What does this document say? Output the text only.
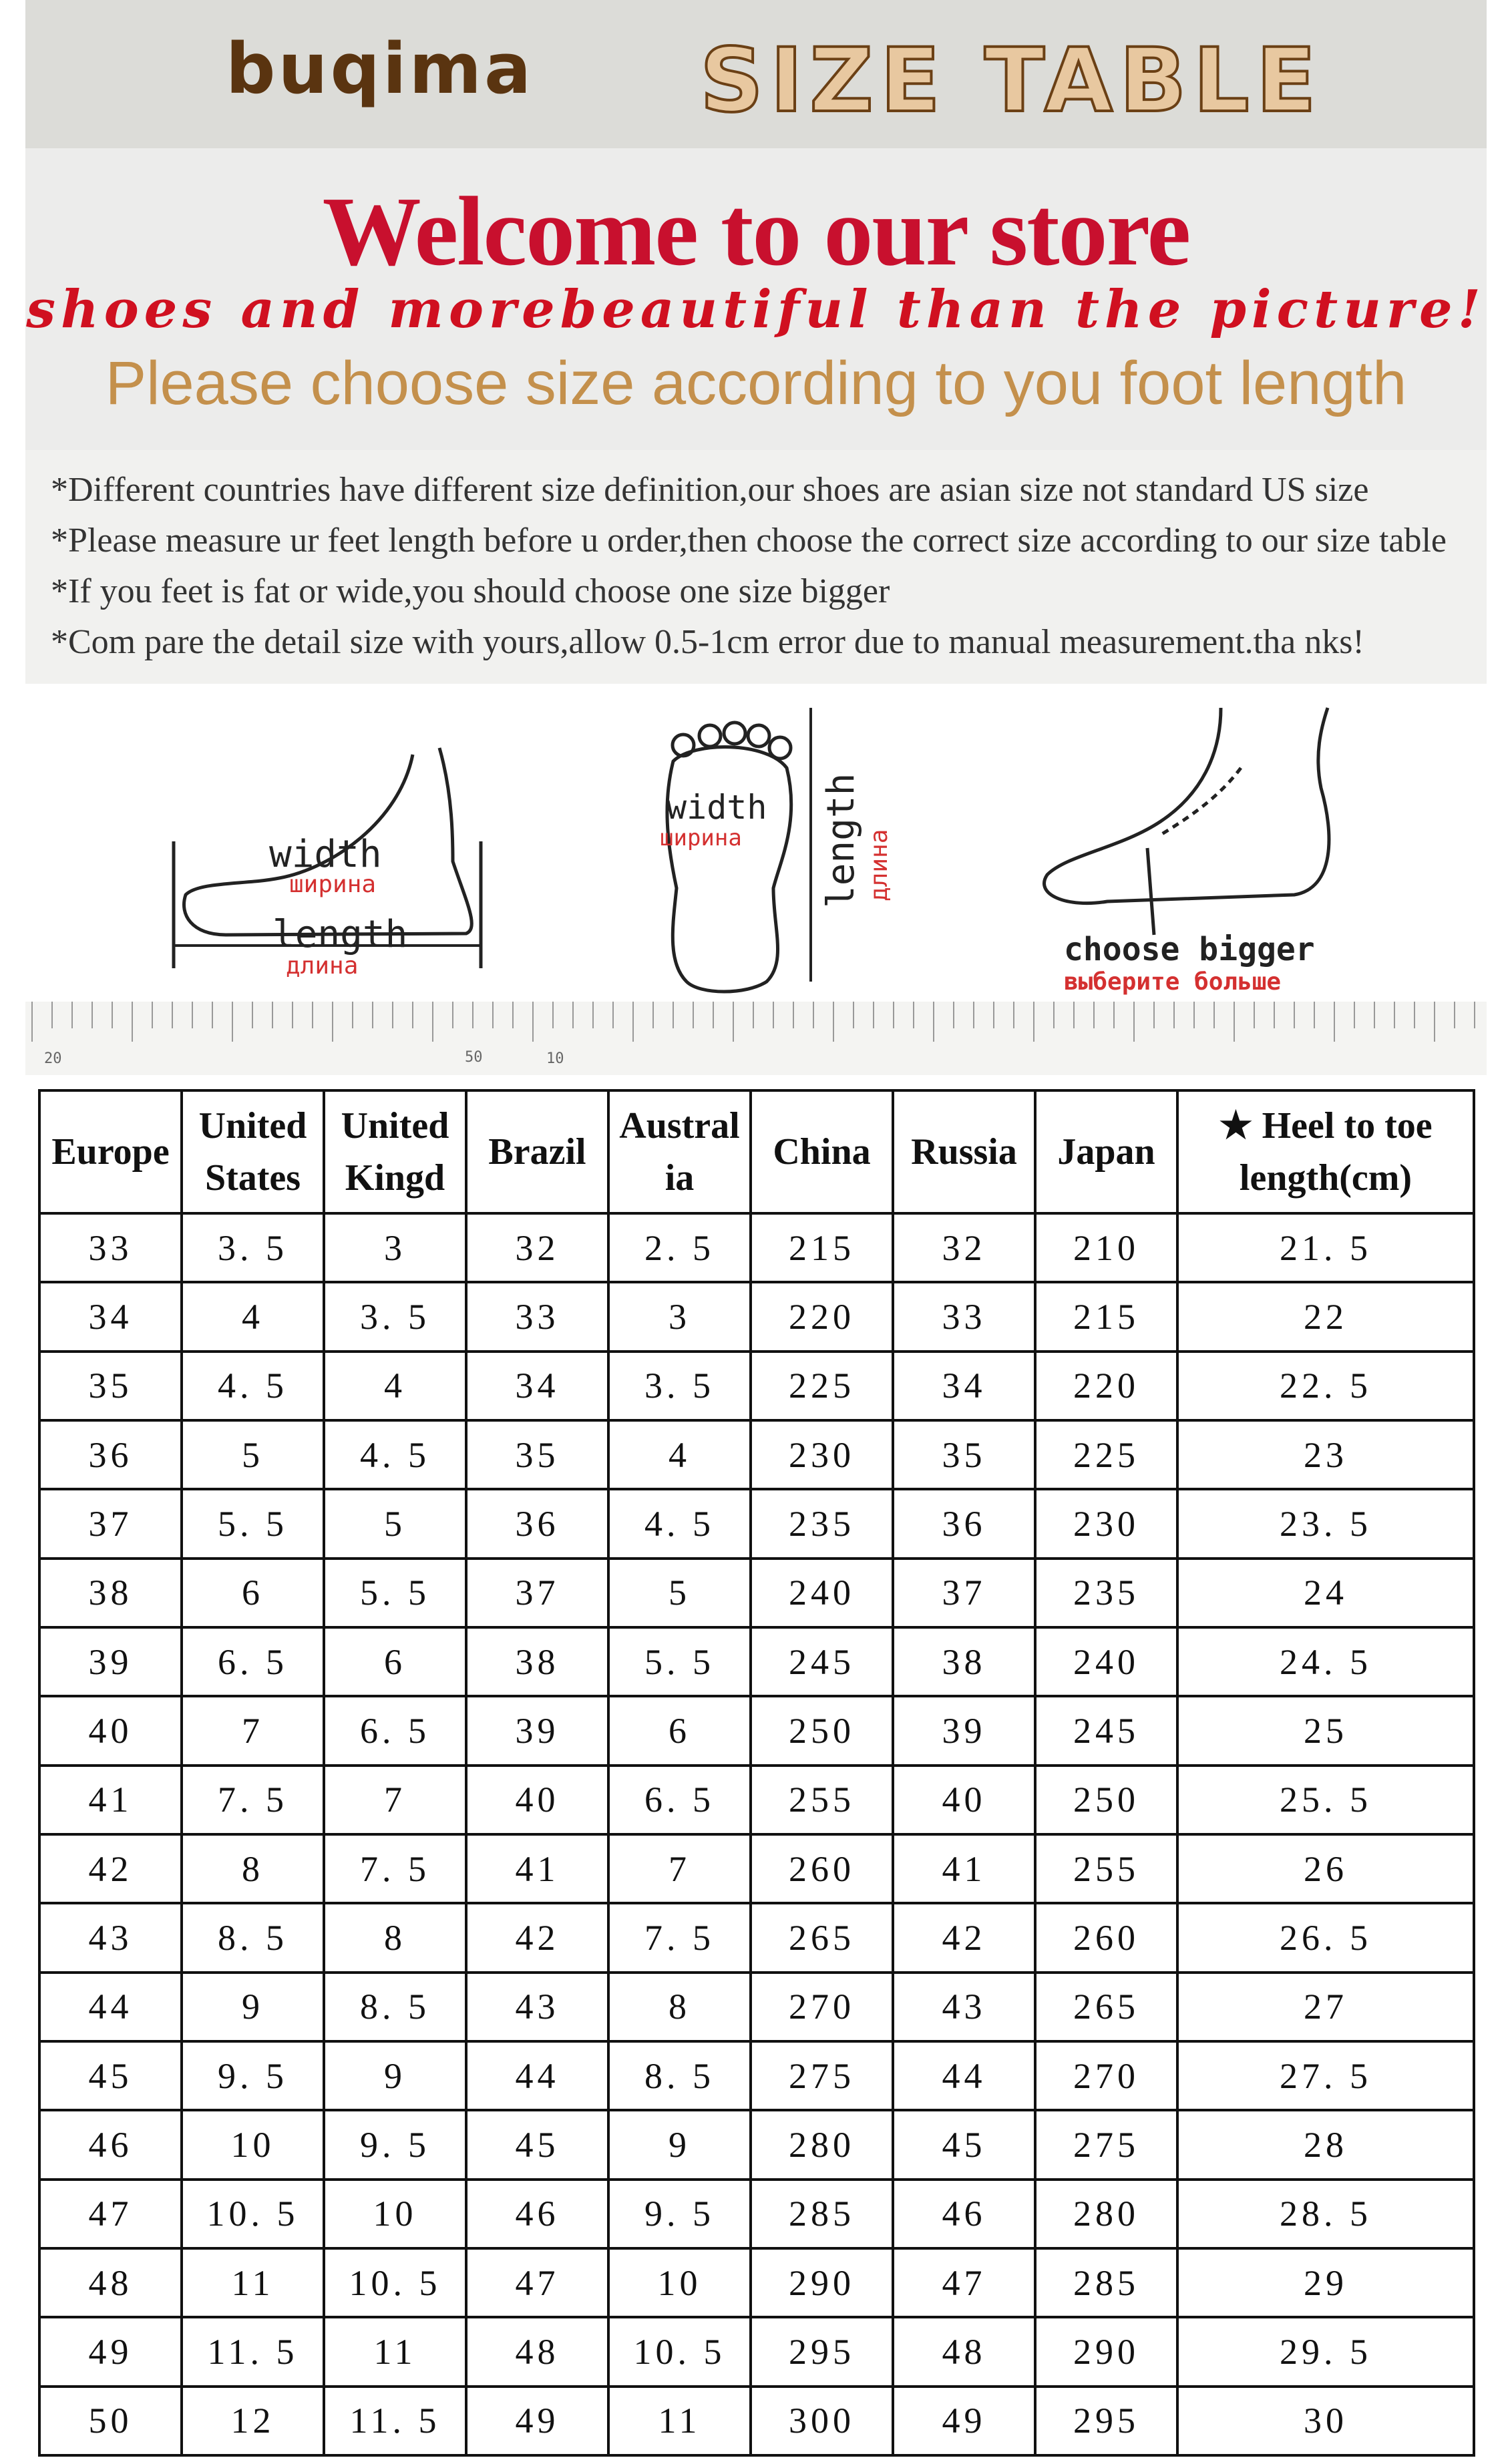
buqima SIZE TABLE
Welcome to our store
shoes and morebeautiful than the picture!
Please choose size according to you foot length
*Different countries have different size definition,our shoes are asian size not standard US size
*Please measure ur feet length before u order,then choose the correct size according to our size table
*If you feet is fat or wide,you should choose one size bigger
*Com pare the detail size with yours,allow 0.5-1cm error due to manual measurement.tha nks!
width
ширина
length
длина
width
ширина length длина
choose bigger
выберите больше
20	50	10
Europe	United States	United Kingd	Brazil	Austral ia	China	Russia	Japan	★ Heel to toe length(cm)
33	3. 5	3	32	2. 5	215	32	210	21. 5
34	4	3. 5	33	3	220	33	215	22
35	4. 5	4	34	3. 5	225	34	220	22. 5
36	5	4. 5	35	4	230	35	225	23
37	5. 5	5	36	4. 5	235	36	230	23. 5
38	6	5. 5	37	5	240	37	235	24
39	6. 5	6	38	5. 5	245	38	240	24. 5
40	7	6. 5	39	6	250	39	245	25
41	7. 5	7	40	6. 5	255	40	250	25. 5
42	8	7. 5	41	7	260	41	255	26
43	8. 5	8	42	7. 5	265	42	260	26. 5
44	9	8. 5	43	8	270	43	265	27
45	9. 5	9	44	8. 5	275	44	270	27. 5
46	10	9. 5	45	9	280	45	275	28
47	10. 5	10	46	9. 5	285	46	280	28. 5
48	11	10. 5	47	10	290	47	285	29
49	11. 5	11	48	10. 5	295	48	290	29. 5
50	12	11. 5	49	11	300	49	295	30
